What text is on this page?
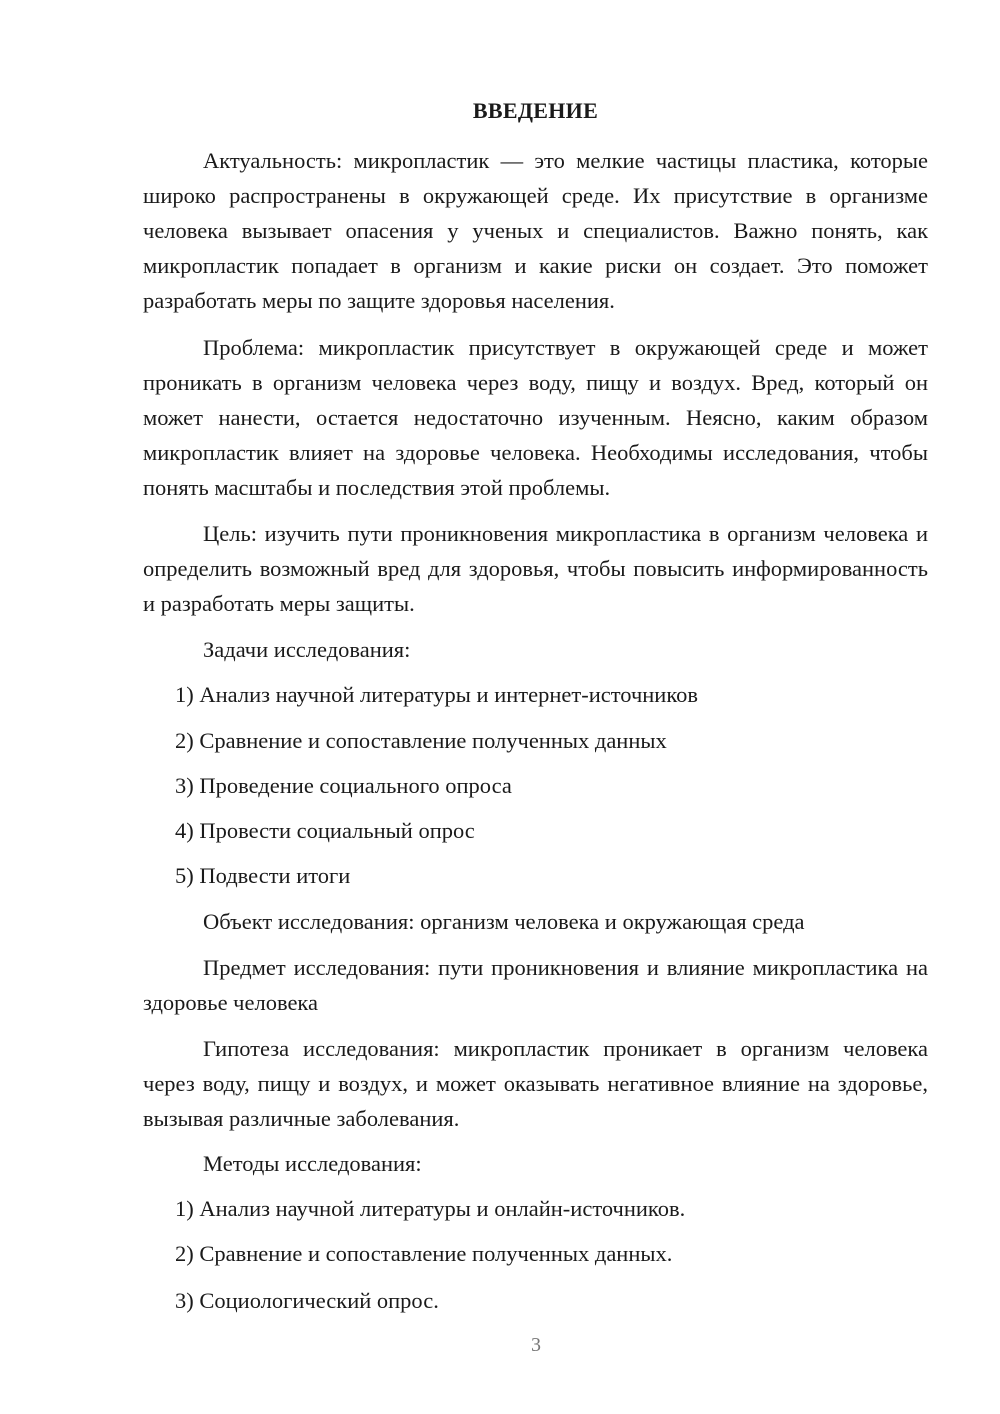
ВВЕДЕНИЕ

Актуальность: микропластик — это мелкие частицы пластика, которые широко распространены в окружающей среде. Их присутствие в организме человека вызывает опасения у ученых и специалистов. Важно понять, как микропластик попадает в организм и какие риски он создает. Это поможет разработать меры по защите здоровья населения.

Проблема: микропластик присутствует в окружающей среде и может проникать в организм человека через воду, пищу и воздух. Вред, который он может нанести, остается недостаточно изученным. Неясно, каким образом микропластик влияет на здоровье человека. Необходимы исследования, чтобы понять масштабы и последствия этой проблемы.

Цель: изучить пути проникновения микропластика в организм человека и определить возможный вред для здоровья, чтобы повысить информированность и разработать меры защиты.

Задачи исследования:

1) Анализ научной литературы и интернет-источников

2) Сравнение и сопоставление полученных данных

3) Проведение социального опроса

4) Провести социальный опрос

5) Подвести итоги

Объект исследования: организм человека и окружающая среда

Предмет исследования: пути проникновения и влияние микропластика на здоровье человека

Гипотеза исследования: микропластик проникает в организм человека через воду, пищу и воздух, и может оказывать негативное влияние на здоровье, вызывая различные заболевания.

Методы исследования:

1) Анализ научной литературы и онлайн-источников.

2) Сравнение и сопоставление полученных данных.

3) Социологический опрос.

3
